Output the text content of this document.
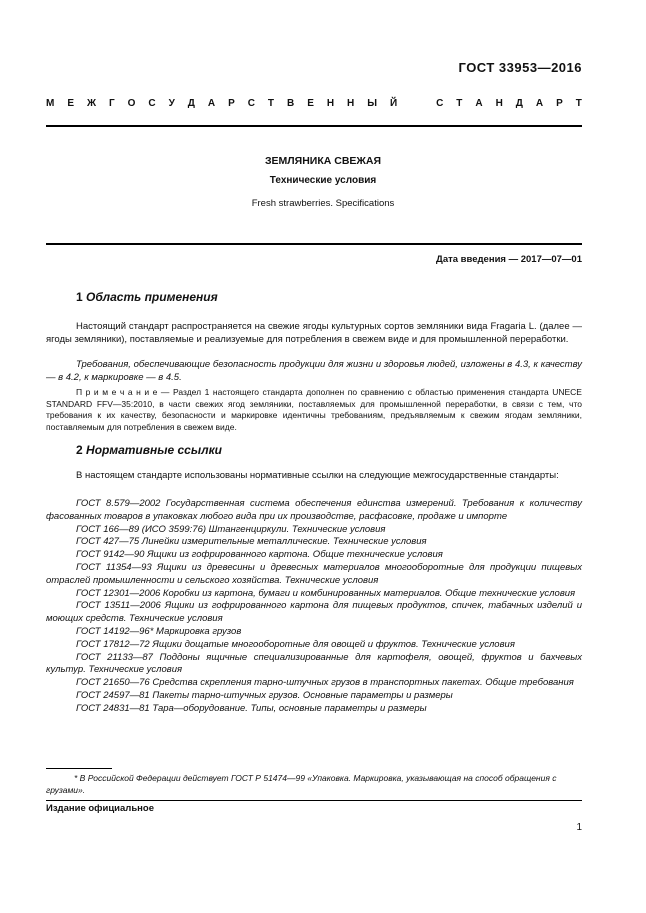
ГОСТ 33953—2016
М Е Ж Г О С У Д А Р С Т В Е Н Н Ы Й	С Т А Н Д А Р Т
ЗЕМЛЯНИКА СВЕЖАЯ
Технические условия
Fresh strawberries. Specifications
Дата введения — 2017—07—01
1 Область применения
Настоящий стандарт распространяется на свежие ягоды культурных сортов земляники вида Fragaria L. (далее — ягоды земляники), поставляемые и реализуемые для потребления в свежем виде и для промышленной переработки.
Требования, обеспечивающие безопасность продукции для жизни и здоровья людей, изложены в 4.3, к качеству — в 4.2, к маркировке — в 4.5.
П р и м е ч а н и е — Раздел 1 настоящего стандарта дополнен по сравнению с областью применения стандарта UNECE STANDARD FFV—35:2010, в части свежих ягод земляники, поставляемых для промышленной переработки, в связи с тем, что требования к их качеству, безопасности и маркировке идентичны требованиям, предъявляемым к свежим ягодам земляники, поставляемым для потребления в свежем виде.
2 Нормативные ссылки
В настоящем стандарте использованы нормативные ссылки на следующие межгосударственные стандарты:
ГОСТ 8.579—2002 Государственная система обеспечения единства измерений. Требования к количеству фасованных товаров в упаковках любого вида при их производстве, расфасовке, продаже и импорте
ГОСТ 166—89 (ИСО 3599:76) Штангенциркули. Технические условия
ГОСТ 427—75 Линейки измерительные металлические. Технические условия
ГОСТ 9142—90 Ящики из гофрированного картона. Общие технические условия
ГОСТ 11354—93 Ящики из древесины и древесных материалов многооборотные для продукции пищевых отраслей промышленности и сельского хозяйства. Технические условия
ГОСТ 12301—2006 Коробки из картона, бумаги и комбинированных материалов. Общие технические условия
ГОСТ 13511—2006 Ящики из гофрированного картона для пищевых продуктов, спичек, табачных изделий и моющих средств. Технические условия
ГОСТ 14192—96* Маркировка грузов
ГОСТ 17812—72 Ящики дощатые многооборотные для овощей и фруктов. Технические условия
ГОСТ 21133—87 Поддоны ящичные специализированные для картофеля, овощей, фруктов и бахчевых культур. Технические условия
ГОСТ 21650—76 Средства скрепления тарно-штучных грузов в транспортных пакетах. Общие требования
ГОСТ 24597—81 Пакеты тарно-штучных грузов. Основные параметры и размеры
ГОСТ 24831—81 Тара—оборудование. Типы, основные параметры и размеры
* В Российской Федерации действует ГОСТ Р 51474—99 «Упаковка. Маркировка, указывающая на способ обращения с грузами».
Издание официальное
1
